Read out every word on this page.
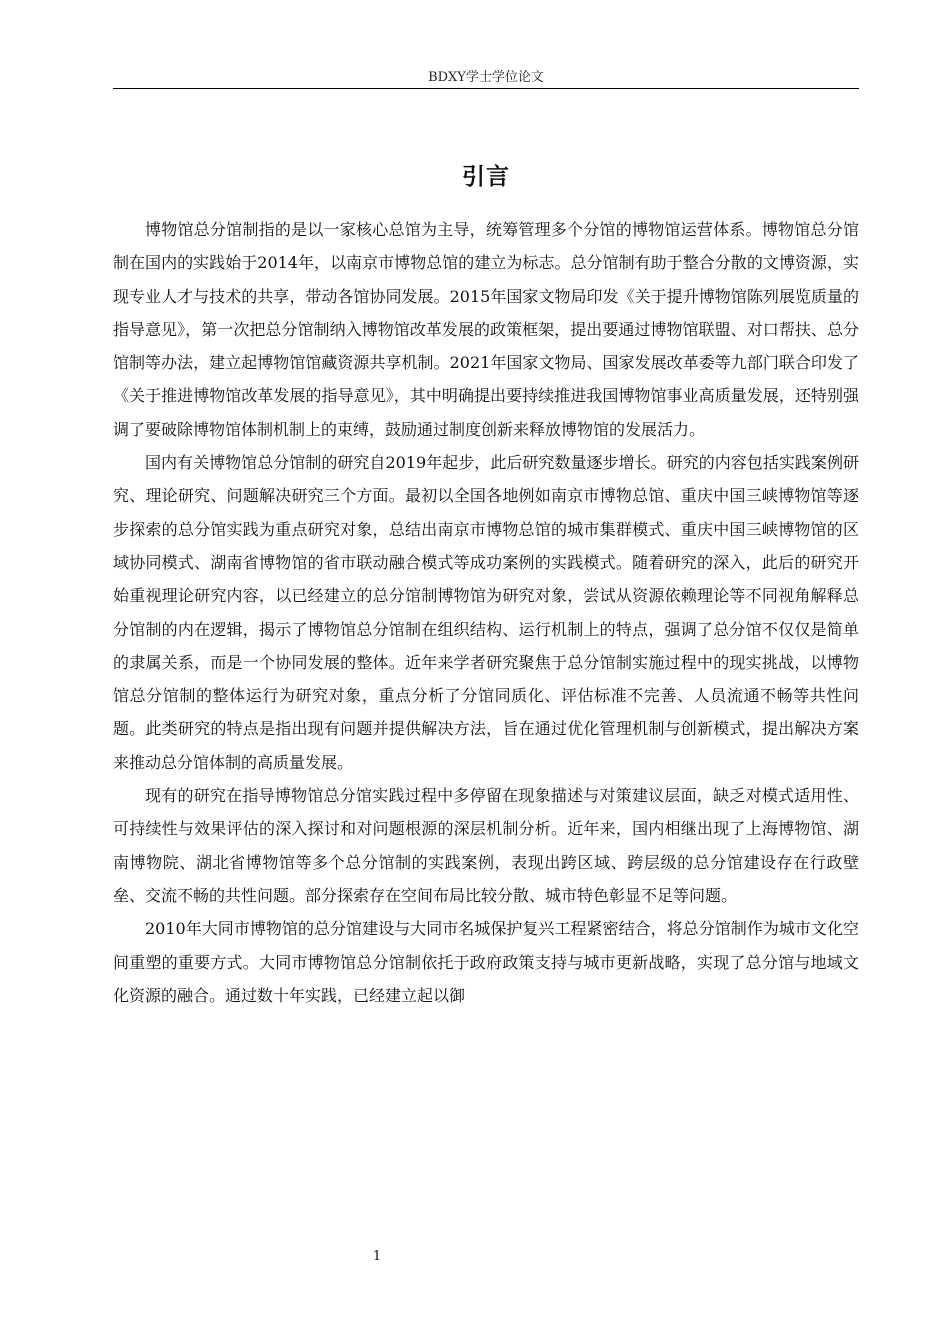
BDXY学士学位论文
引言

博物馆总分馆制指的是以一家核心总馆为主导，统筹管理多个分馆的博物馆运营体系。博物馆总分馆制在国内的实践始于2014年，以南京市博物总馆的建立为标志。总分馆制有助于整合分散的文博资源，实现专业人才与技术的共享，带动各馆协同发展。2015年国家文物局印发《关于提升博物馆陈列展览质量的指导意见》，第一次把总分馆制纳入博物馆改革发展的政策框架，提出要通过博物馆联盟、对口帮扶、总分馆制等办法，建立起博物馆馆藏资源共享机制。2021年国家文物局、国家发展改革委等九部门联合印发了《关于推进博物馆改革发展的指导意见》，其中明确提出要持续推进我国博物馆事业高质量发展，还特别强调了要破除博物馆体制机制上的束缚，鼓励通过制度创新来释放博物馆的发展活力。

国内有关博物馆总分馆制的研究自2019年起步，此后研究数量逐步增长。研究的内容包括实践案例研究、理论研究、问题解决研究三个方面。最初以全国各地例如南京市博物总馆、重庆中国三峡博物馆等逐步探索的总分馆实践为重点研究对象，总结出南京市博物总馆的城市集群模式、重庆中国三峡博物馆的区域协同模式、湖南省博物馆的省市联动融合模式等成功案例的实践模式。随着研究的深入，此后的研究开始重视理论研究内容，以已经建立的总分馆制博物馆为研究对象，尝试从资源依赖理论等不同视角解释总分馆制的内在逻辑，揭示了博物馆总分馆制在组织结构、运行机制上的特点，强调了总分馆不仅仅是简单的隶属关系，而是一个协同发展的整体。近年来学者研究聚焦于总分馆制实施过程中的现实挑战，以博物馆总分馆制的整体运行为研究对象，重点分析了分馆同质化、评估标准不完善、人员流通不畅等共性问题。此类研究的特点是指出现有问题并提供解决方法，旨在通过优化管理机制与创新模式，提出解决方案来推动总分馆体制的高质量发展。

现有的研究在指导博物馆总分馆实践过程中多停留在现象描述与对策建议层面，缺乏对模式适用性、可持续性与效果评估的深入探讨和对问题根源的深层机制分析。近年来，国内相继出现了上海博物馆、湖南博物院、湖北省博物馆等多个总分馆制的实践案例，表现出跨区域、跨层级的总分馆建设存在行政壁垒、交流不畅的共性问题。部分探索存在空间布局比较分散、城市特色彰显不足等问题。

2010年大同市博物馆的总分馆建设与大同市名城保护复兴工程紧密结合，将总分馆制作为城市文化空间重塑的重要方式。大同市博物馆总分馆制依托于政府政策支持与城市更新战略，实现了总分馆与地域文化资源的融合。通过数十年实践，已经建立起以御

1
